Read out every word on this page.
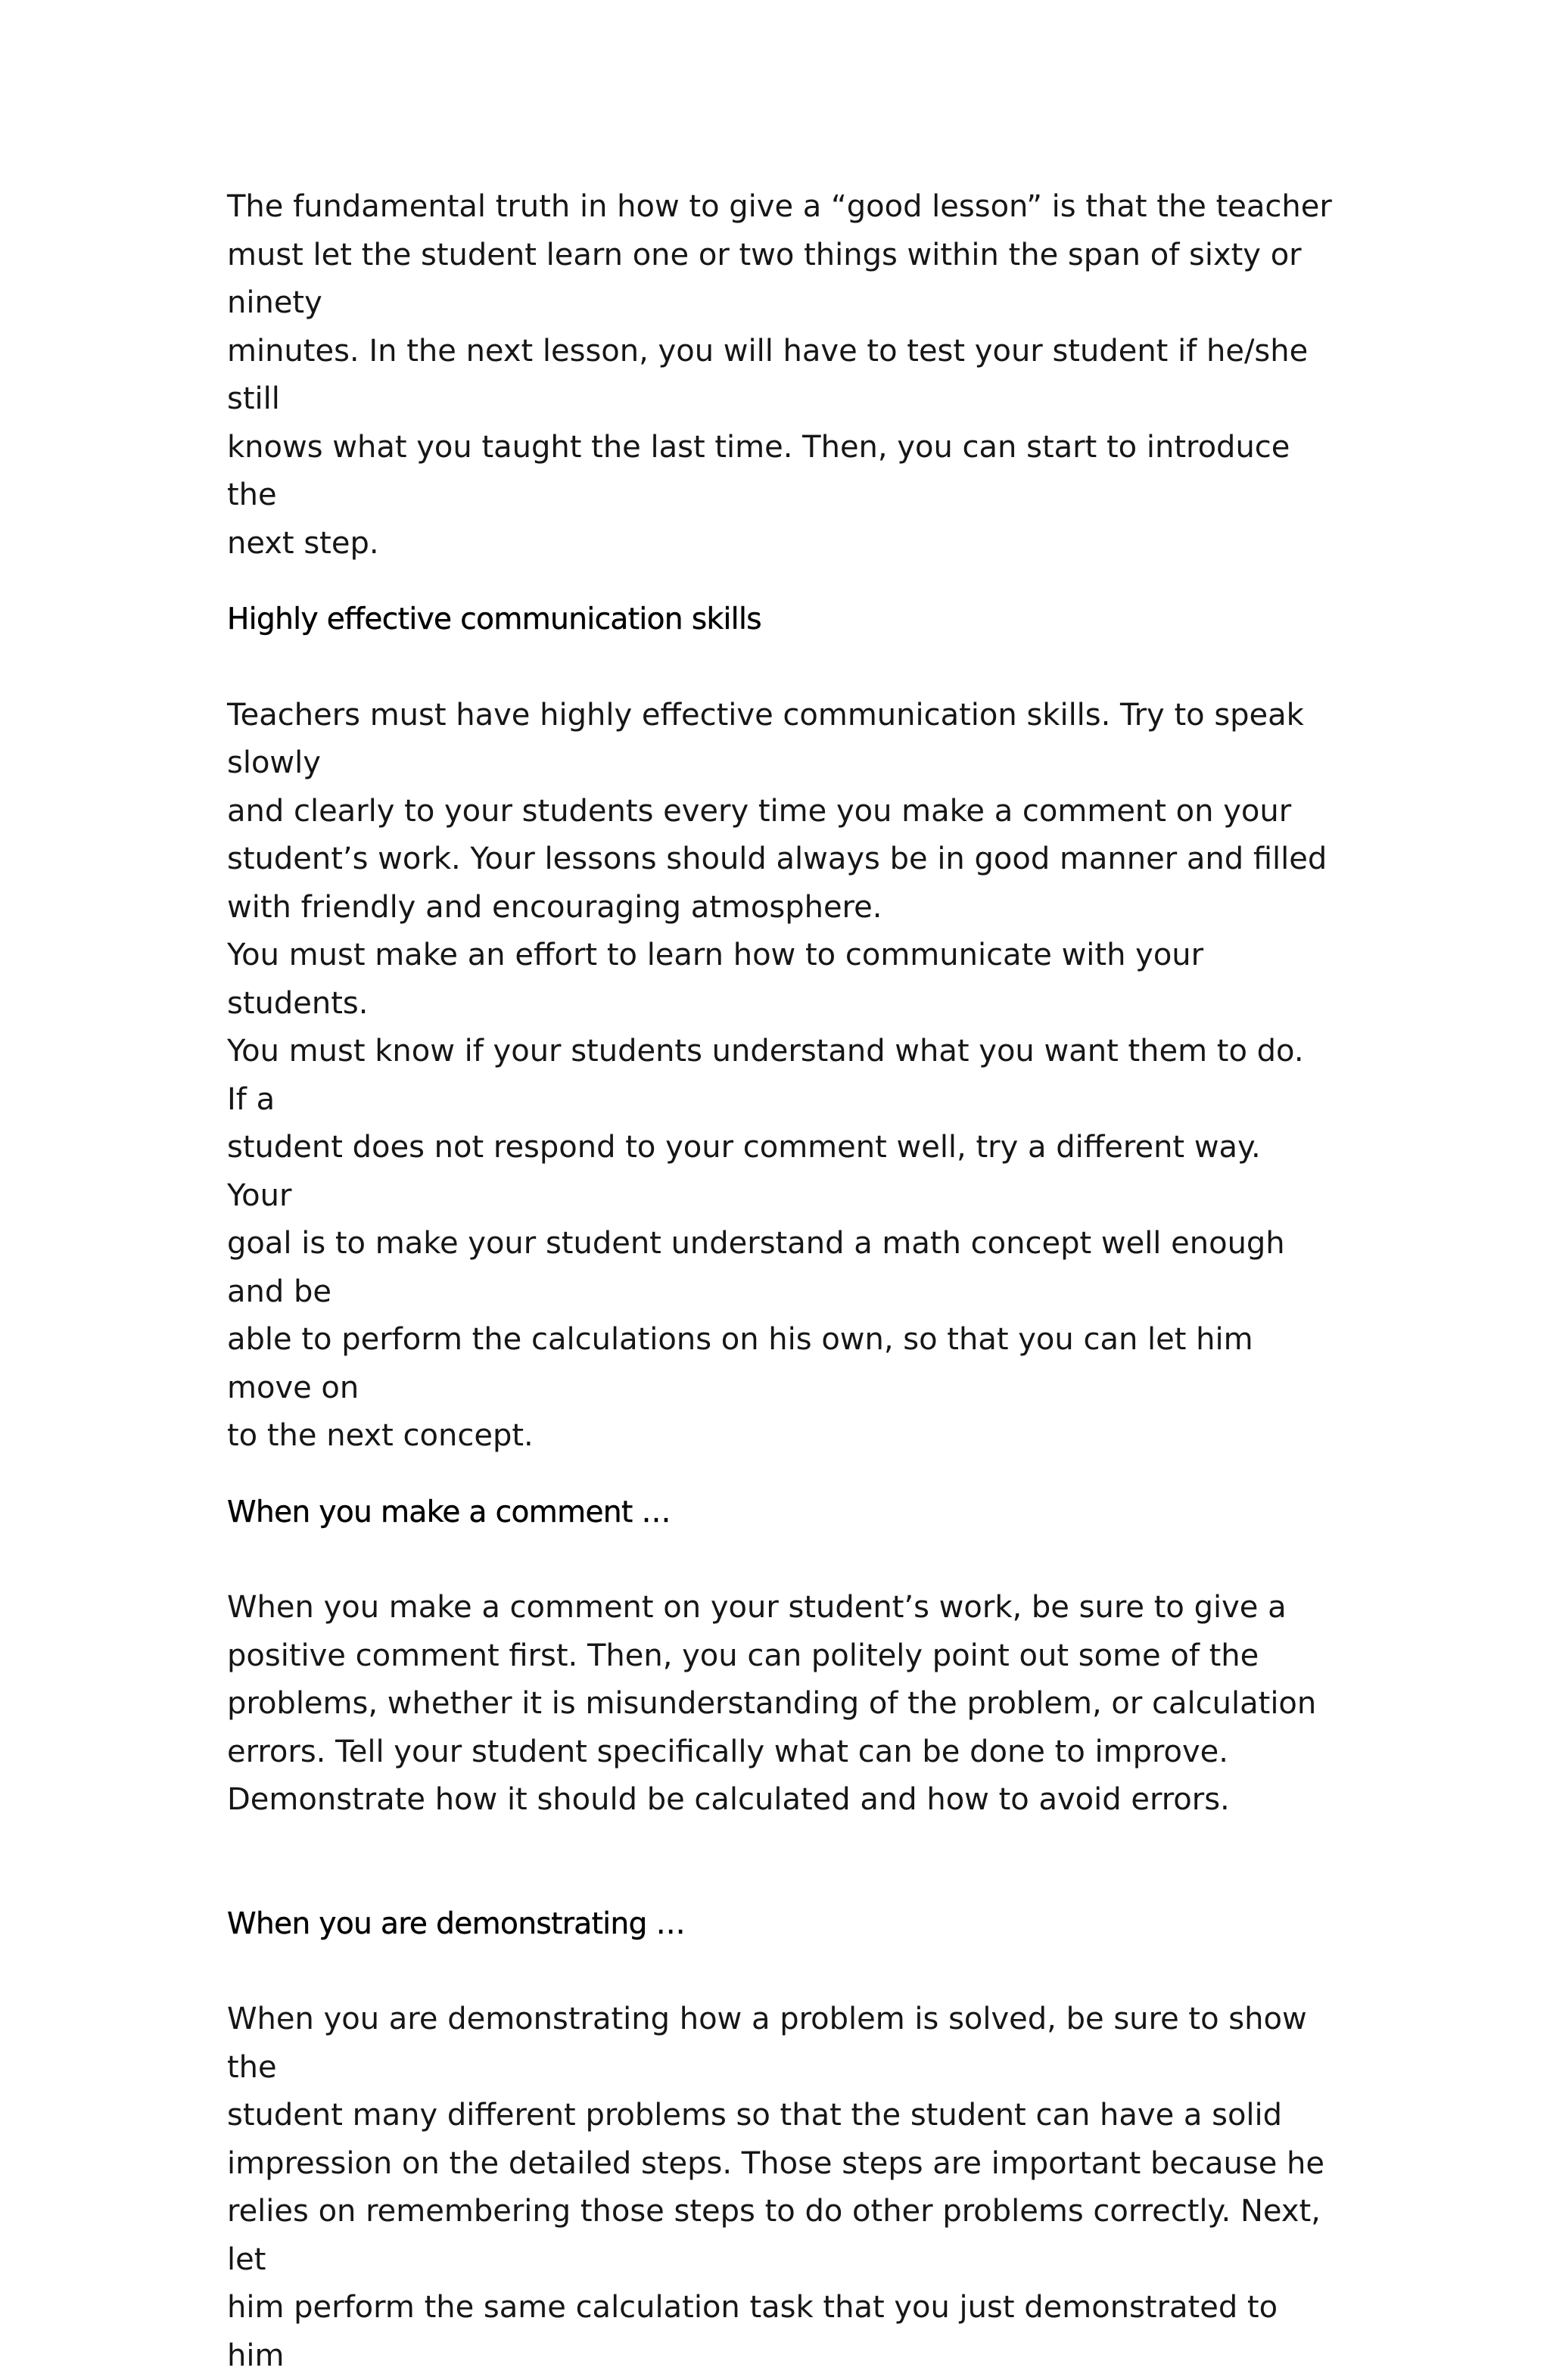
The fundamental truth in how to give a “good lesson” is that the teacher
must let the student learn one or two things within the span of sixty or ninety
minutes. In the next lesson, you will have to test your student if he/she still
knows what you taught the last time. Then, you can start to introduce the
next step.

Highly effective communication skills

Teachers must have highly effective communication skills. Try to speak slowly
and clearly to your students every time you make a comment on your
student’s work. Your lessons should always be in good manner and filled
with friendly and encouraging atmosphere.

You must make an effort to learn how to communicate with your students.
You must know if your students understand what you want them to do. If a
student does not respond to your comment well, try a different way. Your
goal is to make your student understand a math concept well enough and be
able to perform the calculations on his own, so that you can let him move on
to the next concept.

When you make a comment …

When you make a comment on your student’s work, be sure to give a
positive comment first. Then, you can politely point out some of the
problems, whether it is misunderstanding of the problem, or calculation
errors. Tell your student specifically what can be done to improve.
Demonstrate how it should be calculated and how to avoid errors.

When you are demonstrating …

When you are demonstrating how a problem is solved, be sure to show the
student many different problems so that the student can have a solid
impression on the detailed steps. Those steps are important because he
relies on remembering those steps to do other problems correctly. Next, let
him perform the same calculation task that you just demonstrated to him
